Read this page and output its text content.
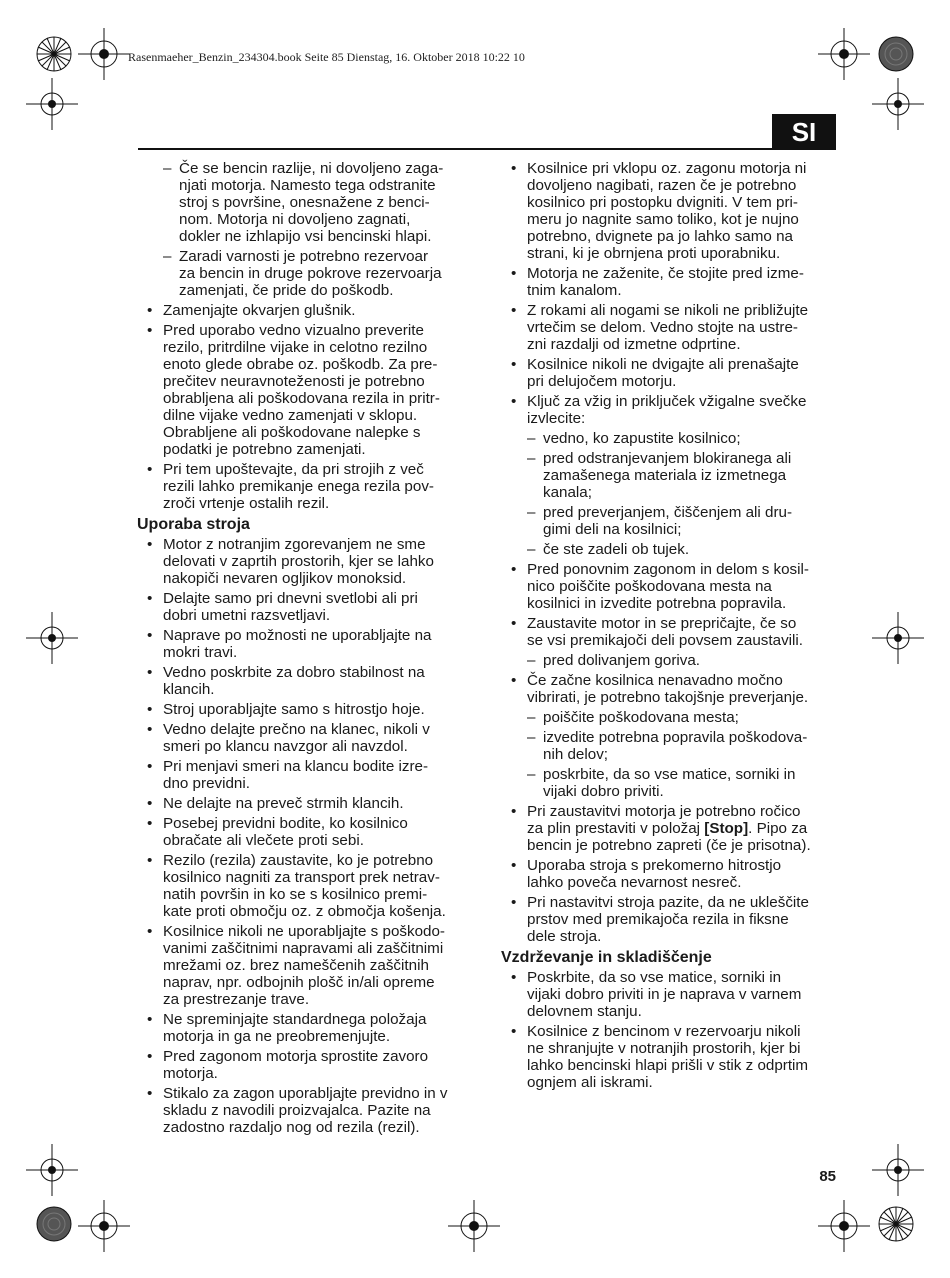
Rasenmaeher_Benzin_234304.book Seite 85 Dienstag, 16. Oktober 2018 10:22 10
SI
– Če se bencin razlije, ni dovoljeno zaga-
njati motorja. Namesto tega odstranite
stroj s površine, onesnažene z benci-
nom. Motorja ni dovoljeno zagnati,
dokler ne izhlapijo vsi bencinski hlapi.
– Zaradi varnosti je potrebno rezervoar
za bencin in druge pokrove rezervoarja
zamenjati, če pride do poškodb.
• Zamenjajte okvarjen glušnik.
• Pred uporabo vedno vizualno preverite
rezilo, pritrdilne vijake in celotno rezilno
enoto glede obrabe oz. poškodb. Za pre-
prečitev neuravnoteženosti je potrebno
obrabljena ali poškodovana rezila in pritr-
dilne vijake vedno zamenjati v sklopu.
Obrabljene ali poškodovane nalepke s
podatki je potrebno zamenjati.
• Pri tem upoštevajte, da pri strojih z več
rezili lahko premikanje enega rezila pov-
zroči vrtenje ostalih rezil.
Uporaba stroja
• Motor z notranjim zgorevanjem ne sme
delovati v zaprtih prostorih, kjer se lahko
nakopiči nevaren ogljikov monoksid.
• Delajte samo pri dnevni svetlobi ali pri
dobri umetni razsvetljavi.
• Naprave po možnosti ne uporabljajte na
mokri travi.
• Vedno poskrbite za dobro stabilnost na
klancih.
• Stroj uporabljajte samo s hitrostjo hoje.
• Vedno delajte prečno na klanec, nikoli v
smeri po klancu navzgor ali navzdol.
• Pri menjavi smeri na klancu bodite izre-
dno previdni.
• Ne delajte na preveč strmih klancih.
• Posebej previdni bodite, ko kosilnico
obračate ali vlečete proti sebi.
• Rezilo (rezila) zaustavite, ko je potrebno
kosilnico nagniti za transport prek netrav-
natih površin in ko se s kosilnico premi-
kate proti območju oz. z območja košenja.
• Kosilnice nikoli ne uporabljajte s poškodo-
vanimi zaščitnimi napravami ali zaščitnimi
mrežami oz. brez nameščenih zaščitnih
naprav, npr. odbojnih plošč in/ali opreme
za prestrezanje trave.
• Ne spreminjajte standardnega položaja
motorja in ga ne preobremenjujte.
• Pred zagonom motorja sprostite zavoro
motorja.
• Stikalo za zagon uporabljajte previdno in v
skladu z navodili proizvajalca. Pazite na
zadostno razdaljo nog od rezila (rezil).
• Kosilnice pri vklopu oz. zagonu motorja ni
dovoljeno nagibati, razen če je potrebno
kosilnico pri postopku dvigniti. V tem pri-
meru jo nagnite samo toliko, kot je nujno
potrebno, dvignete pa jo lahko samo na
strani, ki je obrnjena proti uporabniku.
• Motorja ne zaženite, če stojite pred izme-
tnim kanalom.
• Z rokami ali nogami se nikoli ne približujte
vrtečim se delom. Vedno stojte na ustre-
zni razdalji od izmetne odprtine.
• Kosilnice nikoli ne dvigajte ali prenašajte
pri delujočem motorju.
• Ključ za vžig in priključek vžigalne svečke
izvlecite:
– vedno, ko zapustite kosilnico;
– pred odstranjevanjem blokiranega ali
zamašenega materiala iz izmetnega
kanala;
– pred preverjanjem, čiščenjem ali dru-
gimi deli na kosilnici;
– če ste zadeli ob tujek.
• Pred ponovnim zagonom in delom s kosil-
nico poiščite poškodovana mesta na
kosilnici in izvedite potrebna popravila.
• Zaustavite motor in se prepričajte, če so
se vsi premikajoči deli povsem zaustavili.
– pred dolivanjem goriva.
• Če začne kosilnica nenavadno močno
vibrirati, je potrebno takojšnje preverjanje.
– poiščite poškodovana mesta;
– izvedite potrebna popravila poškodova-
nih delov;
– poskrbite, da so vse matice, sorniki in
vijaki dobro priviti.
• Pri zaustavitvi motorja je potrebno ročico
za plin prestaviti v položaj [Stop]. Pipo za
bencin je potrebno zapreti (če je prisotna).
• Uporaba stroja s prekomerno hitrostjo
lahko poveča nevarnost nesreč.
• Pri nastavitvi stroja pazite, da ne ukleščite
prstov med premikajoča rezila in fiksne
dele stroja.
Vzdrževanje in skladiščenje
• Poskrbite, da so vse matice, sorniki in
vijaki dobro priviti in je naprava v varnem
delovnem stanju.
• Kosilnice z bencinom v rezervoarju nikoli
ne shranjujte v notranjih prostorih, kjer bi
lahko bencinski hlapi prišli v stik z odprtim
ognjem ali iskrami.
85
